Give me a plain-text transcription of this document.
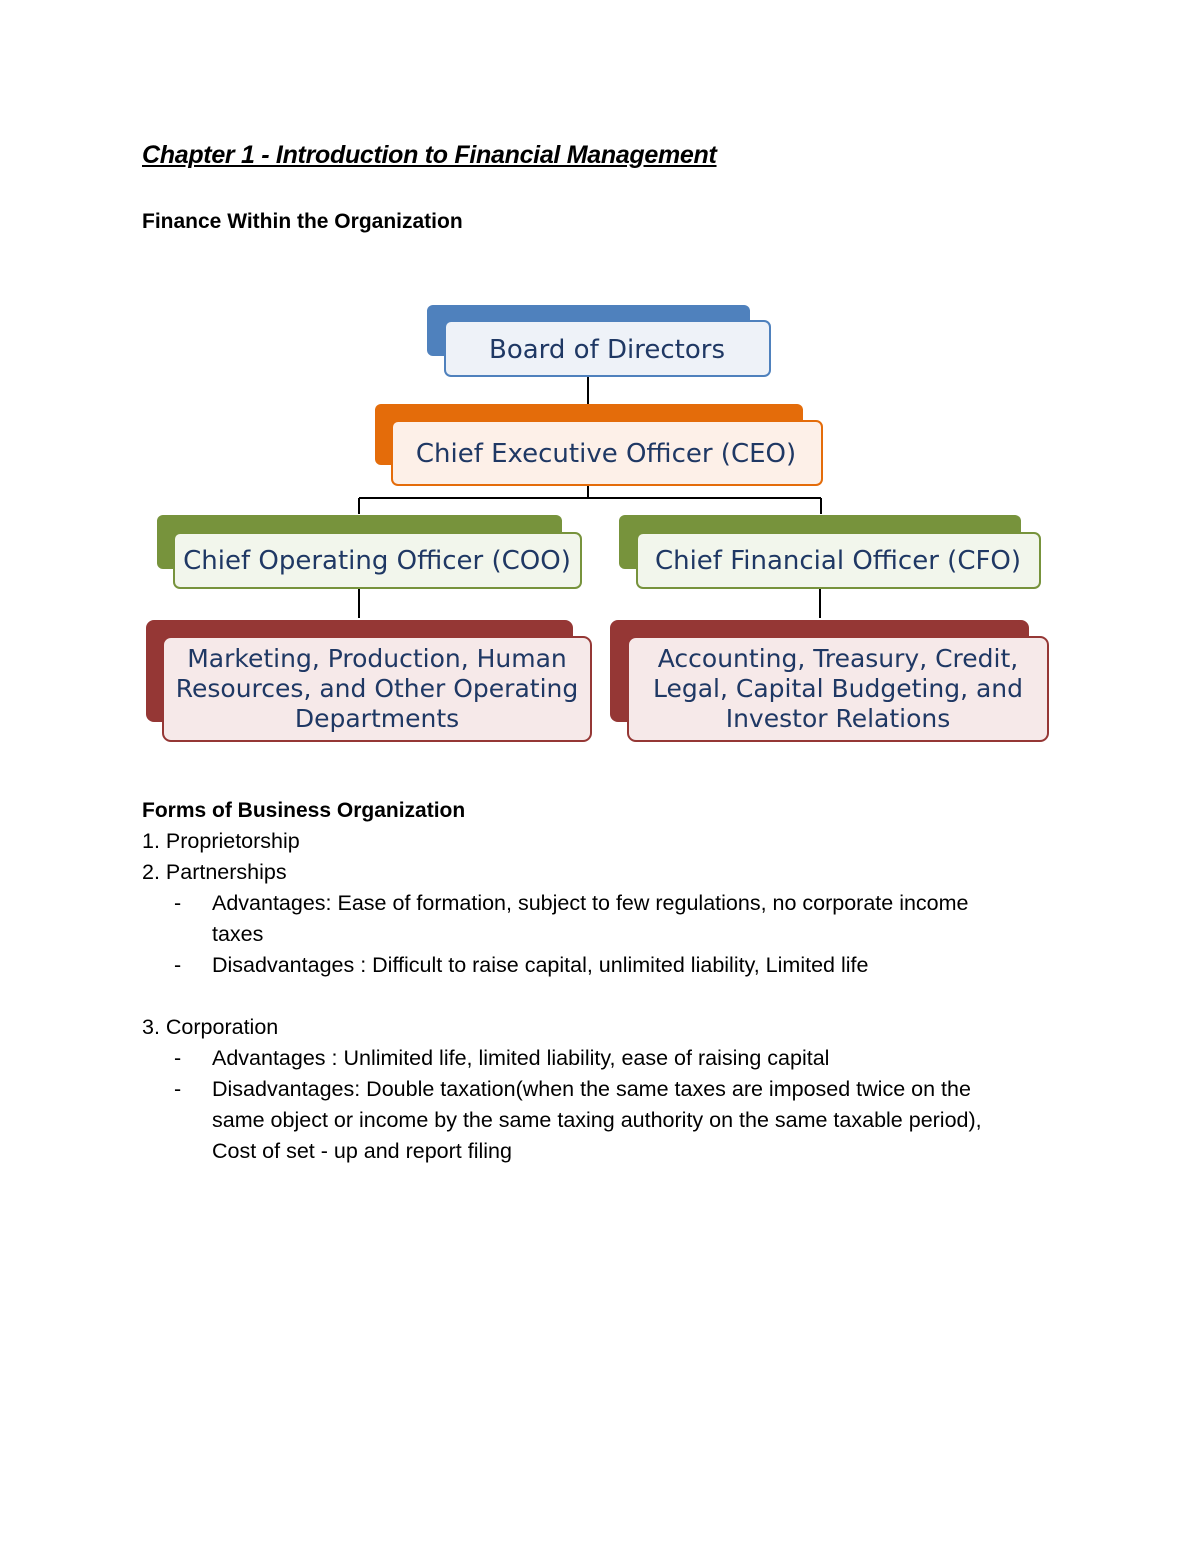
Chapter 1 - Introduction to Financial Management
Finance Within the Organization
Board of Directors
Chief Executive Officer (CEO)
Chief Operating Officer (COO)	Chief Financial Officer (CFO)
Marketing, Production, Human
Resources, and Other Operating
Departments
Accounting, Treasury, Credit,
Legal, Capital Budgeting, and
Investor Relations
Forms of Business Organization

1. Proprietorship

2. Partnerships

- Advantages: Ease of formation, subject to few regulations, no corporate income
taxes
- Disadvantages : Difficult to raise capital, unlimited liability, Limited life

3. Corporation

- Advantages : Unlimited life, limited liability, ease of raising capital
- Disadvantages: Double taxation(when the same taxes are imposed twice on the
same object or income by the same taxing authority on the same taxable period),
Cost of set - up and report filing
